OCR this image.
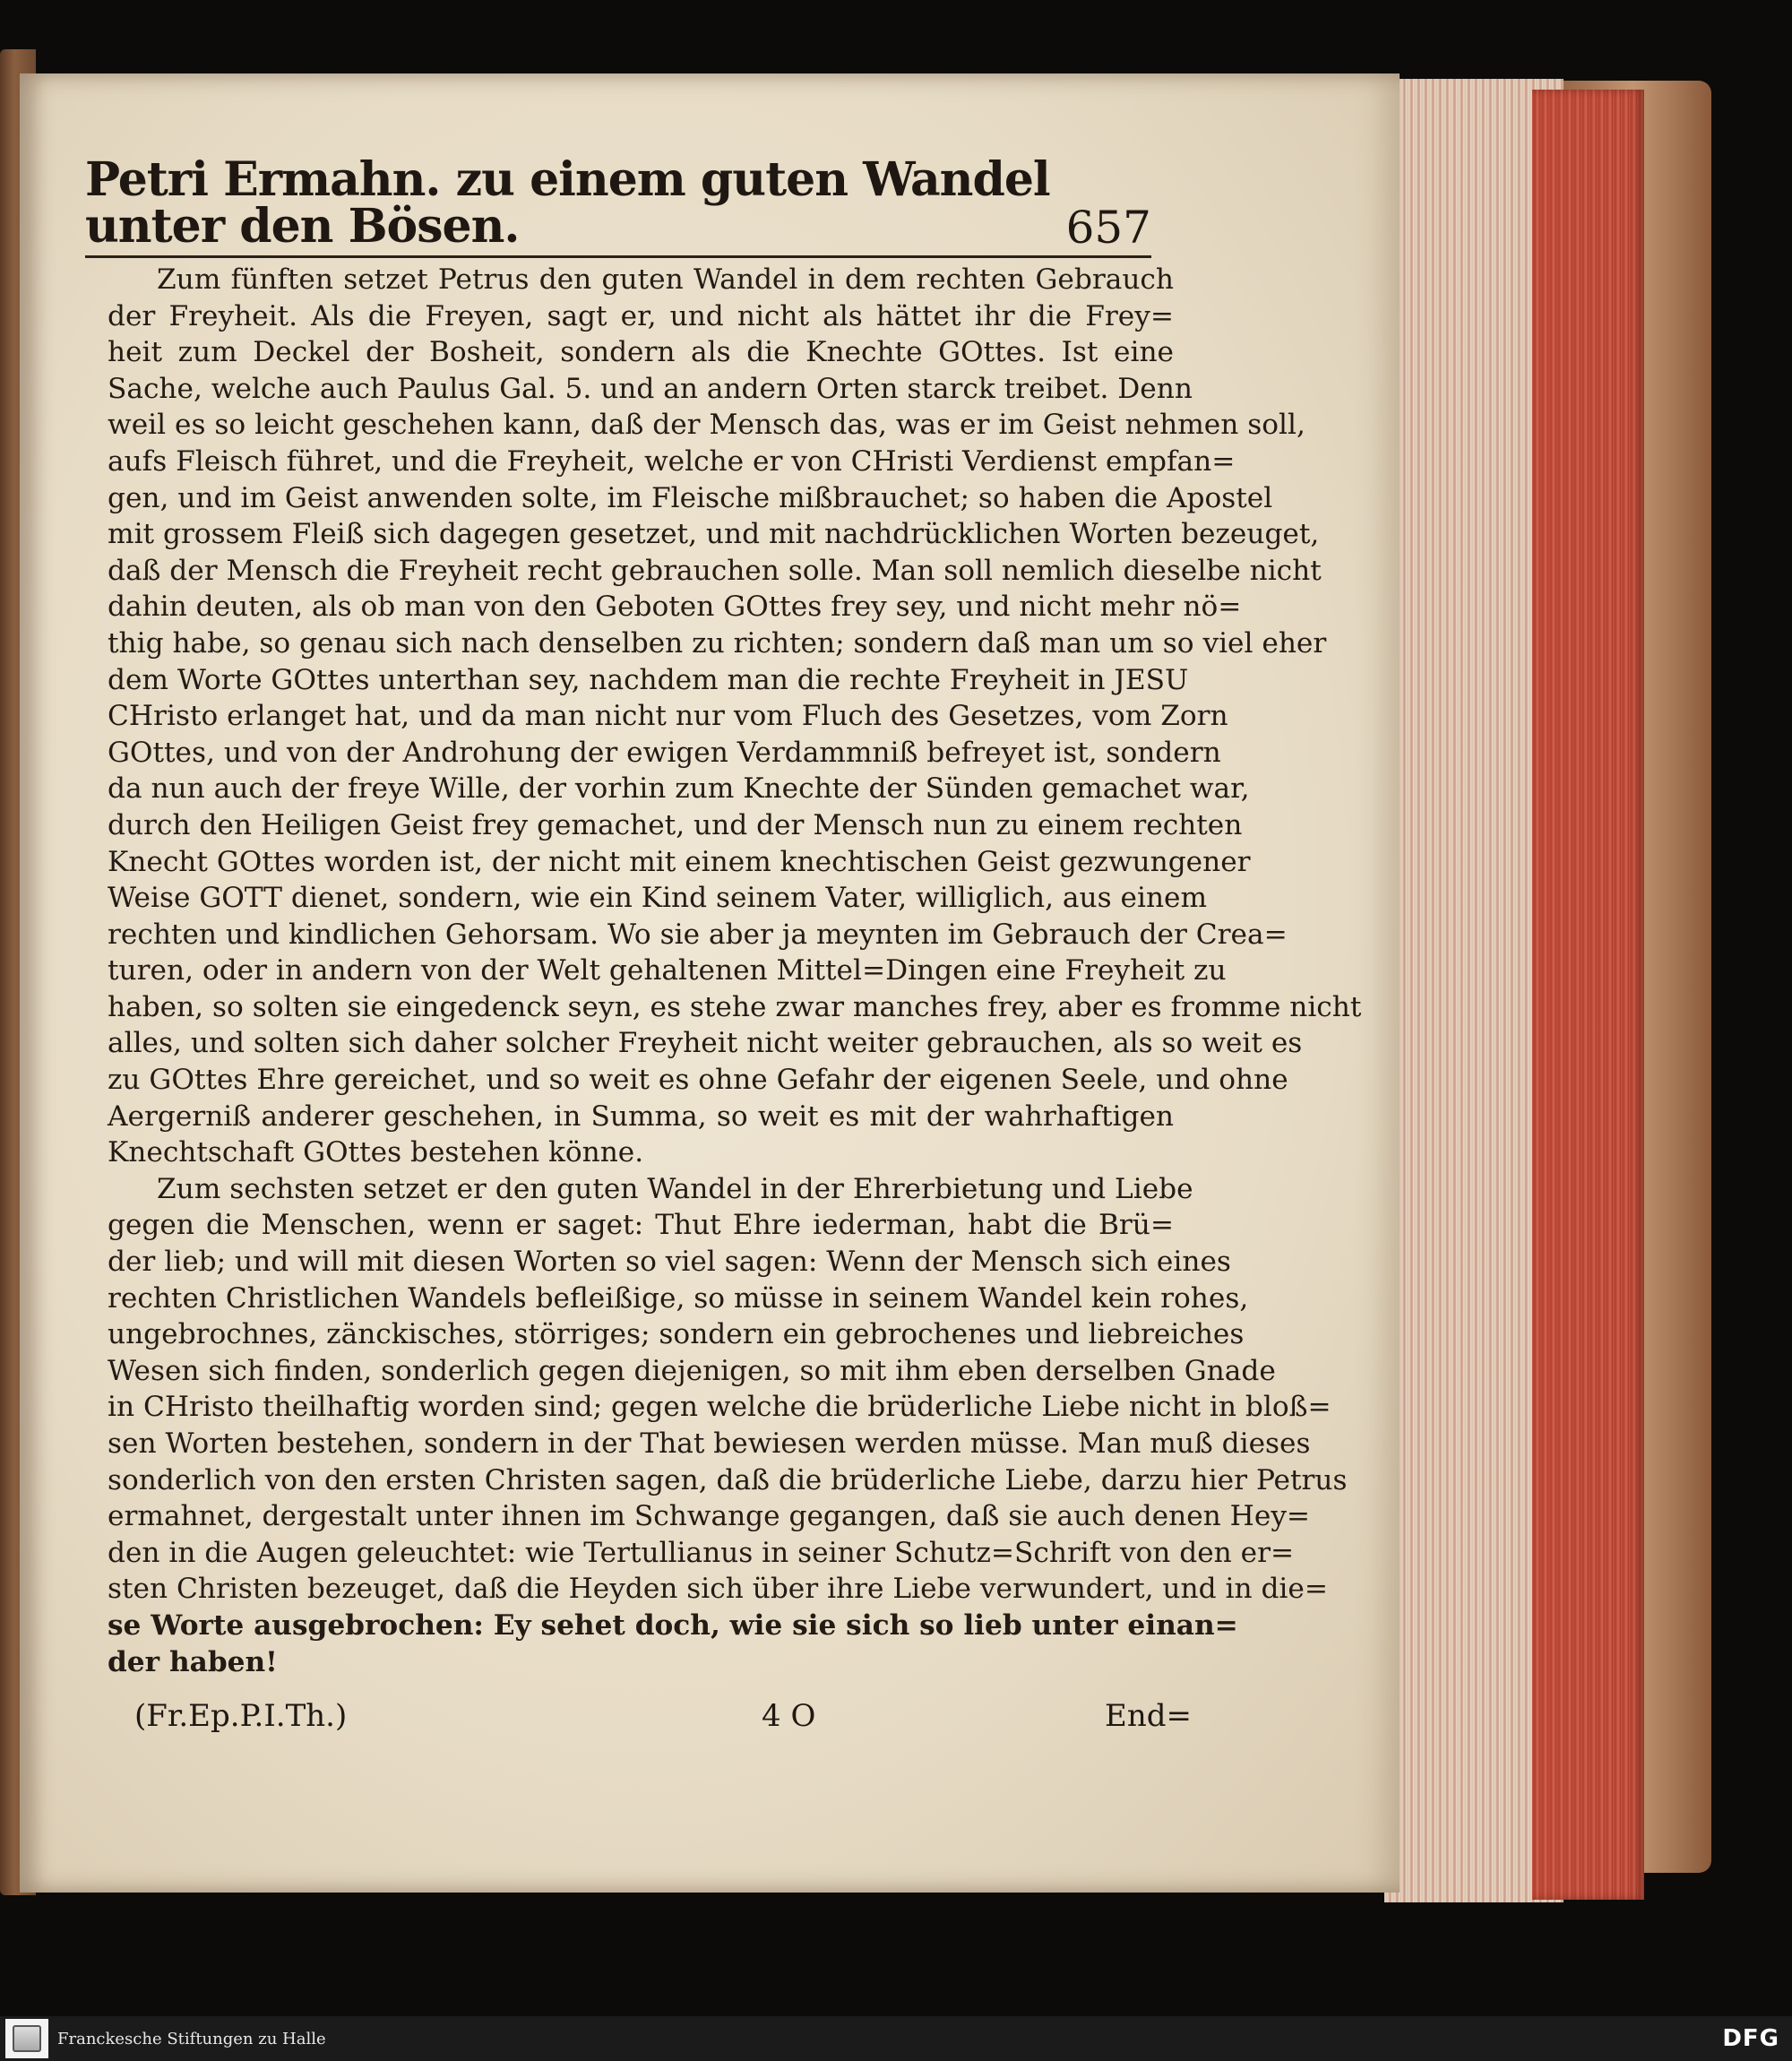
Petri Ermahn. zu einem guten Wandel unter den Bösen.	657
Zum fünften setzet Petrus den guten Wandel in dem rechten Gebrauch
der Freyheit. Als die Freyen, sagt er, und nicht als hättet ihr die Frey=
heit zum Deckel der Bosheit, sondern als die Knechte GOttes. Ist eine
Sache, welche auch Paulus Gal. 5. und an andern Orten starck treibet. Denn
weil es so leicht geschehen kann, daß der Mensch das, was er im Geist nehmen soll,
aufs Fleisch führet, und die Freyheit, welche er von CHristi Verdienst empfan=
gen, und im Geist anwenden solte, im Fleische mißbrauchet; so haben die Apostel
mit grossem Fleiß sich dagegen gesetzet, und mit nachdrücklichen Worten bezeuget,
daß der Mensch die Freyheit recht gebrauchen solle. Man soll nemlich dieselbe nicht
dahin deuten, als ob man von den Geboten GOttes frey sey, und nicht mehr nö=
thig habe, so genau sich nach denselben zu richten; sondern daß man um so viel eher
dem Worte GOttes unterthan sey, nachdem man die rechte Freyheit in JESU
CHristo erlanget hat, und da man nicht nur vom Fluch des Gesetzes, vom Zorn
GOttes, und von der Androhung der ewigen Verdammniß befreyet ist, sondern
da nun auch der freye Wille, der vorhin zum Knechte der Sünden gemachet war,
durch den Heiligen Geist frey gemachet, und der Mensch nun zu einem rechten
Knecht GOttes worden ist, der nicht mit einem knechtischen Geist gezwungener
Weise GOTT dienet, sondern, wie ein Kind seinem Vater, williglich, aus einem
rechten und kindlichen Gehorsam. Wo sie aber ja meynten im Gebrauch der Crea=
turen, oder in andern von der Welt gehaltenen Mittel=Dingen eine Freyheit zu
haben, so solten sie eingedenck seyn, es stehe zwar manches frey, aber es fromme nicht
alles, und solten sich daher solcher Freyheit nicht weiter gebrauchen, als so weit es
zu GOttes Ehre gereichet, und so weit es ohne Gefahr der eigenen Seele, und ohne
Aergerniß anderer geschehen, in Summa, so weit es mit der wahrhaftigen
Knechtschaft GOttes bestehen könne.
Zum sechsten setzet er den guten Wandel in der Ehrerbietung und Liebe
gegen die Menschen, wenn er saget: Thut Ehre iederman, habt die Brü=
der lieb; und will mit diesen Worten so viel sagen: Wenn der Mensch sich eines
rechten Christlichen Wandels befleißige, so müsse in seinem Wandel kein rohes,
ungebrochnes, zänckisches, störriges; sondern ein gebrochenes und liebreiches
Wesen sich finden, sonderlich gegen diejenigen, so mit ihm eben derselben Gnade
in CHristo theilhaftig worden sind; gegen welche die brüderliche Liebe nicht in bloß=
sen Worten bestehen, sondern in der That bewiesen werden müsse. Man muß dieses
sonderlich von den ersten Christen sagen, daß die brüderliche Liebe, darzu hier Petrus
ermahnet, dergestalt unter ihnen im Schwange gegangen, daß sie auch denen Hey=
den in die Augen geleuchtet: wie Tertullianus in seiner Schutz=Schrift von den er=
sten Christen bezeuget, daß die Heyden sich über ihre Liebe verwundert, und in die=
se Worte ausgebrochen: Ey sehet doch, wie sie sich so lieb unter einan=
der haben!
(Fr.Ep.P.I.Th.)	4 O	End=
Franckesche Stiftungen zu Halle	DFG
